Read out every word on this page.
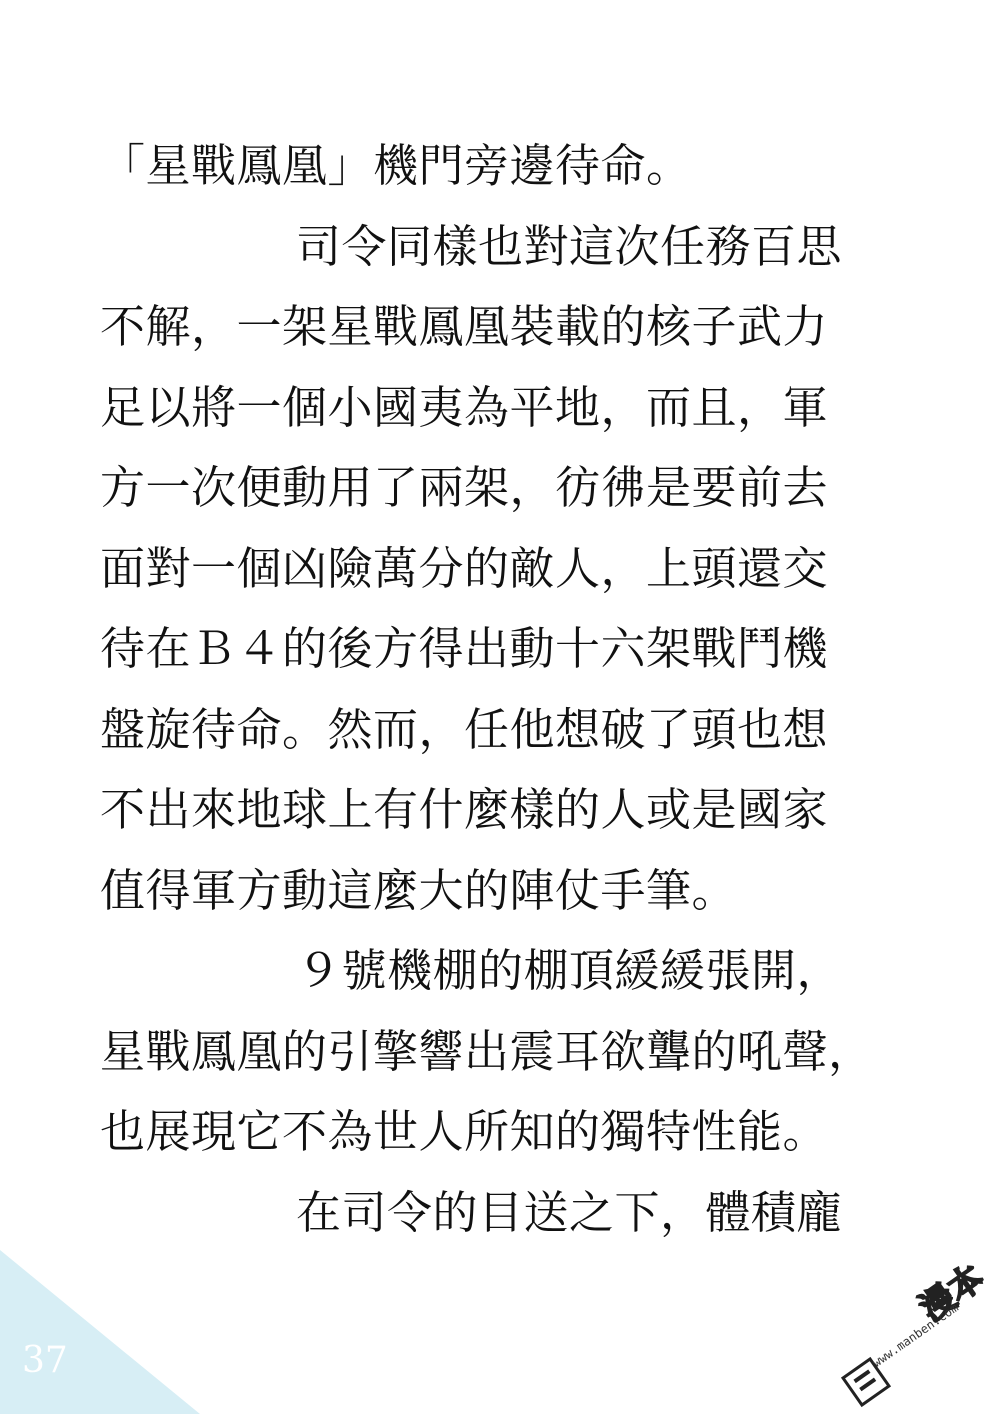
「星戰鳳凰」機門旁邊待命。
司令同樣也對這次任務百思
不解，一架星戰鳳凰裝載的核子武力
足以將一個小國夷為平地，而且，軍
方一次便動用了兩架，彷彿是要前去
面對一個凶險萬分的敵人，上頭還交
待在Ｂ４的後方得出動十六架戰鬥機
盤旋待命。然而，任他想破了頭也想
不出來地球上有什麼樣的人或是國家
值得軍方動這麼大的陣仗手筆。
９號機棚的棚頂緩緩張開，
星戰鳳凰的引擎響出震耳欲聾的吼聲，
也展現它不為世人所知的獨特性能。
在司令的目送之下，體積龐
37
漫本
www.manben.com
